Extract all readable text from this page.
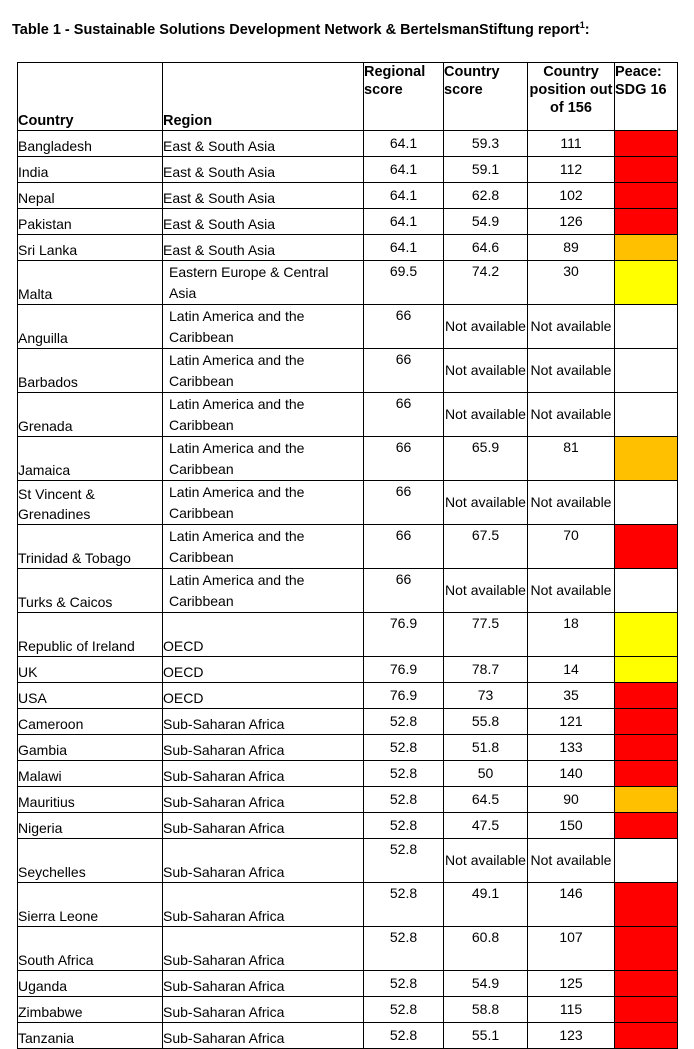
Table 1 - Sustainable Solutions Development Network & BertelsmanStiftung report$^1$:
Country	Region	Regional score	Country score	Country position out of 156	Peace: SDG 16
Bangladesh	East & South Asia	64.1	59.3	111	
India	East & South Asia	64.1	59.1	112	
Nepal	East & South Asia	64.1	62.8	102	
Pakistan	East & South Asia	64.1	54.9	126	
Sri Lanka	East & South Asia	64.1	64.6	89	
Malta	Eastern Europe & Central Asia	69.5	74.2	30	
Anguilla	Latin America and the Caribbean	66	Not available	Not available	
Barbados	Latin America and the Caribbean	66	Not available	Not available	
Grenada	Latin America and the Caribbean	66	Not available	Not available	
Jamaica	Latin America and the Caribbean	66	65.9	81	
St Vincent & Grenadines	Latin America and the Caribbean	66	Not available	Not available	
Trinidad & Tobago	Latin America and the Caribbean	66	67.5	70	
Turks & Caicos	Latin America and the Caribbean	66	Not available	Not available	
Republic of Ireland	OECD	76.9	77.5	18	
UK	OECD	76.9	78.7	14	
USA	OECD	76.9	73	35	
Cameroon	Sub-Saharan Africa	52.8	55.8	121	
Gambia	Sub-Saharan Africa	52.8	51.8	133	
Malawi	Sub-Saharan Africa	52.8	50	140	
Mauritius	Sub-Saharan Africa	52.8	64.5	90	
Nigeria	Sub-Saharan Africa	52.8	47.5	150	
Seychelles	Sub-Saharan Africa	52.8	Not available	Not available	
Sierra Leone	Sub-Saharan Africa	52.8	49.1	146	
South Africa	Sub-Saharan Africa	52.8	60.8	107	
Uganda	Sub-Saharan Africa	52.8	54.9	125	
Zimbabwe	Sub-Saharan Africa	52.8	58.8	115	
Tanzania	Sub-Saharan Africa	52.8	55.1	123	
